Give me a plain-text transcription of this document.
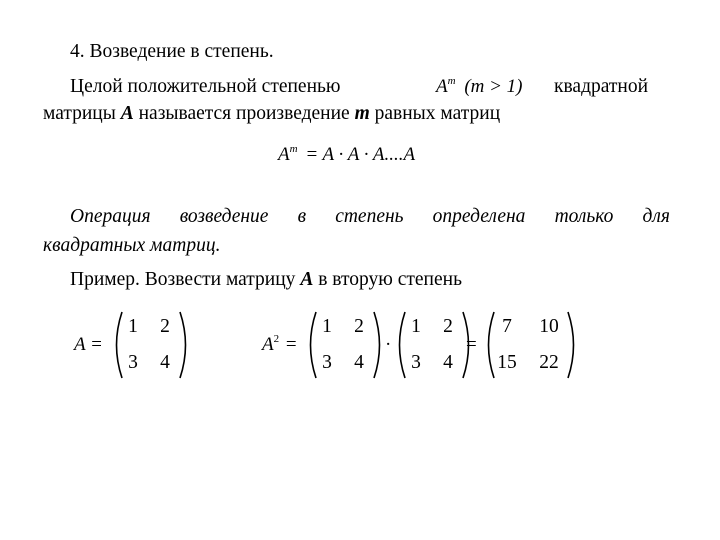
4. Возведение в степень.
Целой положительной степенью	$A^m$ (m > 1) квадратной
матрицы A называется произведение m равных матриц
$A^m = A \cdot A \cdot A....A$
Операция возведение в степень определена только для
квадратных матриц.
Пример. Возвести матрицу A в вторую степень
A =
1	2
3	4
$A^2$ =
1	2
3	4
·
1	2
3	4
=
7	10
15 22
